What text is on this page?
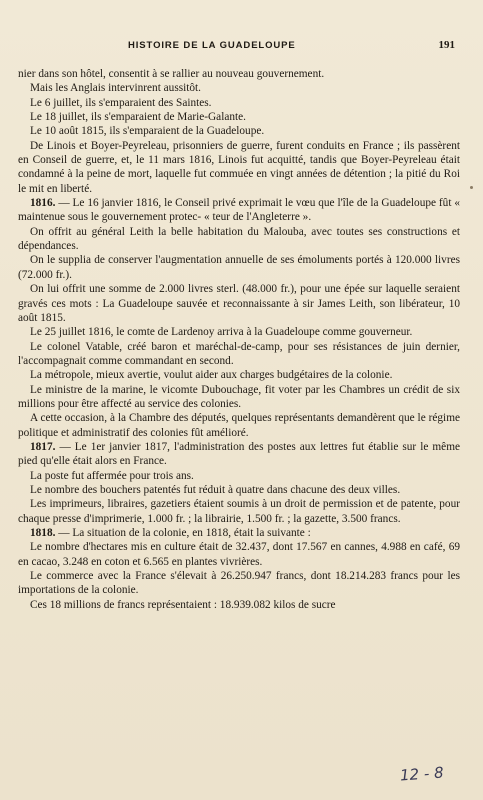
HISTOIRE DE LA GUADELOUPE	191

nier dans son hôtel, consentit à se rallier au nouveau gouvernement.

Mais les Anglais intervinrent aussitôt.

Le 6 juillet, ils s'emparaient des Saintes.

Le 18 juillet, ils s'emparaient de Marie-Galante.

Le 10 août 1815, ils s'emparaient de la Guadeloupe.

De Linois et Boyer-Peyreleau, prisonniers de guerre, furent conduits en France ; ils passèrent en Conseil de guerre, et, le 11 mars 1816, Linois fut acquitté, tandis que Boyer-Peyreleau était condamné à la peine de mort, laquelle fut commuée en vingt années de détention ; la pitié du Roi le mit en liberté.

1816. — Le 16 janvier 1816, le Conseil privé exprimait le vœu que l'île de la Guadeloupe fût « maintenue sous le gouvernement protec- « teur de l'Angleterre ».

On offrit au général Leith la belle habitation du Malouba, avec toutes ses constructions et dépendances.

On le supplia de conserver l'augmentation annuelle de ses émoluments portés à 120.000 livres (72.000 fr.).

On lui offrit une somme de 2.000 livres sterl. (48.000 fr.), pour une épée sur laquelle seraient gravés ces mots : La Guadeloupe sauvée et reconnaissante à sir James Leith, son libérateur, 10 août 1815.

Le 25 juillet 1816, le comte de Lardenoy arriva à la Guadeloupe comme gouverneur.

Le colonel Vatable, créé baron et maréchal-de-camp, pour ses résistances de juin dernier, l'accompagnait comme commandant en second.

La métropole, mieux avertie, voulut aider aux charges budgétaires de la colonie.

Le ministre de la marine, le vicomte Dubouchage, fit voter par les Chambres un crédit de six millions pour être affecté au service des colonies.

A cette occasion, à la Chambre des députés, quelques représentants demandèrent que le régime politique et administratif des colonies fût amélioré.

1817. — Le 1er janvier 1817, l'administration des postes aux lettres fut établie sur le même pied qu'elle était alors en France.

La poste fut affermée pour trois ans.

Le nombre des bouchers patentés fut réduit à quatre dans chacune des deux villes.

Les imprimeurs, libraires, gazetiers étaient soumis à un droit de permission et de patente, pour chaque presse d'imprimerie, 1.000 fr. ; la librairie, 1.500 fr. ; la gazette, 3.500 francs.

1818. — La situation de la colonie, en 1818, était la suivante :

Le nombre d'hectares mis en culture était de 32.437, dont 17.567 en cannes, 4.988 en café, 69 en cacao, 3.248 en coton et 6.565 en plantes vivrières.

Le commerce avec la France s'élevait à 26.250.947 francs, dont 18.214.283 francs pour les importations de la colonie.

Ces 18 millions de francs représentaient : 18.939.082 kilos de sucre

12 - 8
